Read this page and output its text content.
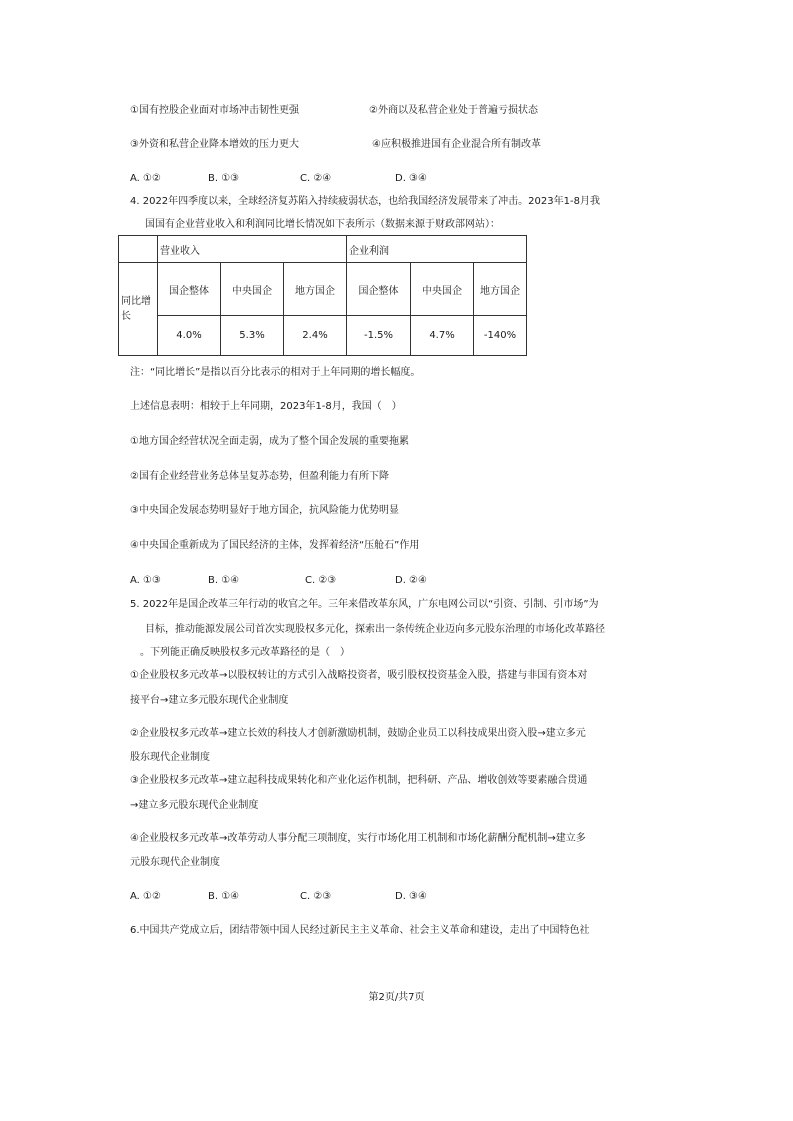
①国有控股企业面对市场冲击韧性更强	②外商以及私营企业处于普遍亏损状态
③外资和私营企业降本增效的压力更大	④应积极推进国有企业混合所有制改革
A. ①②	B. ①③	C. ②④	D. ③④
4. 2022年四季度以来，全球经济复苏陷入持续疲弱状态，也给我国经济发展带来了冲击。2023年1-8月我
国国有企业营业收入和利润同比增长情况如下表所示（数据来源于财政部网站）：
	营业收入			企业利润		
同比增长	国企整体	中央国企	地方国企	国企整体	中央国企	地方国企
	4.0%	5.3%	2.4%	-1.5%	4.7%	-140%
注：“同比增长”是指以百分比表示的相对于上年同期的增长幅度。
上述信息表明：相较于上年同期，2023年1-8月，我国（　）
①地方国企经营状况全面走弱，成为了整个国企发展的重要拖累
②国有企业经营业务总体呈复苏态势，但盈利能力有所下降
③中央国企发展态势明显好于地方国企，抗风险能力优势明显
④中央国企重新成为了国民经济的主体，发挥着经济“压舱石”作用
A. ①③	B. ①④	C. ②③	D. ②④
5. 2022年是国企改革三年行动的收官之年。三年来借改革东风，广东电网公司以“引资、引制、引市场”为
目标，推动能源发展公司首次实现股权多元化，探索出一条传统企业迈向多元股东治理的市场化改革路径
。下列能正确反映股权多元改革路径的是（　）
①企业股权多元改革→以股权转让的方式引入战略投资者，吸引股权投资基金入股，搭建与非国有资本对
接平台→建立多元股东现代企业制度
②企业股权多元改革→建立长效的科技人才创新激励机制，鼓励企业员工以科技成果出资入股→建立多元
股东现代企业制度
③企业股权多元改革→建立起科技成果转化和产业化运作机制，把科研、产品、增收创效等要素融合贯通
→建立多元股东现代企业制度
④企业股权多元改革→改革劳动人事分配三项制度，实行市场化用工机制和市场化薪酬分配机制→建立多
元股东现代企业制度
A. ①②	B. ①④	C. ②③	D. ③④
6.中国共产党成立后，团结带领中国人民经过新民主主义革命、社会主义革命和建设，走出了中国特色社
第2页/共7页
